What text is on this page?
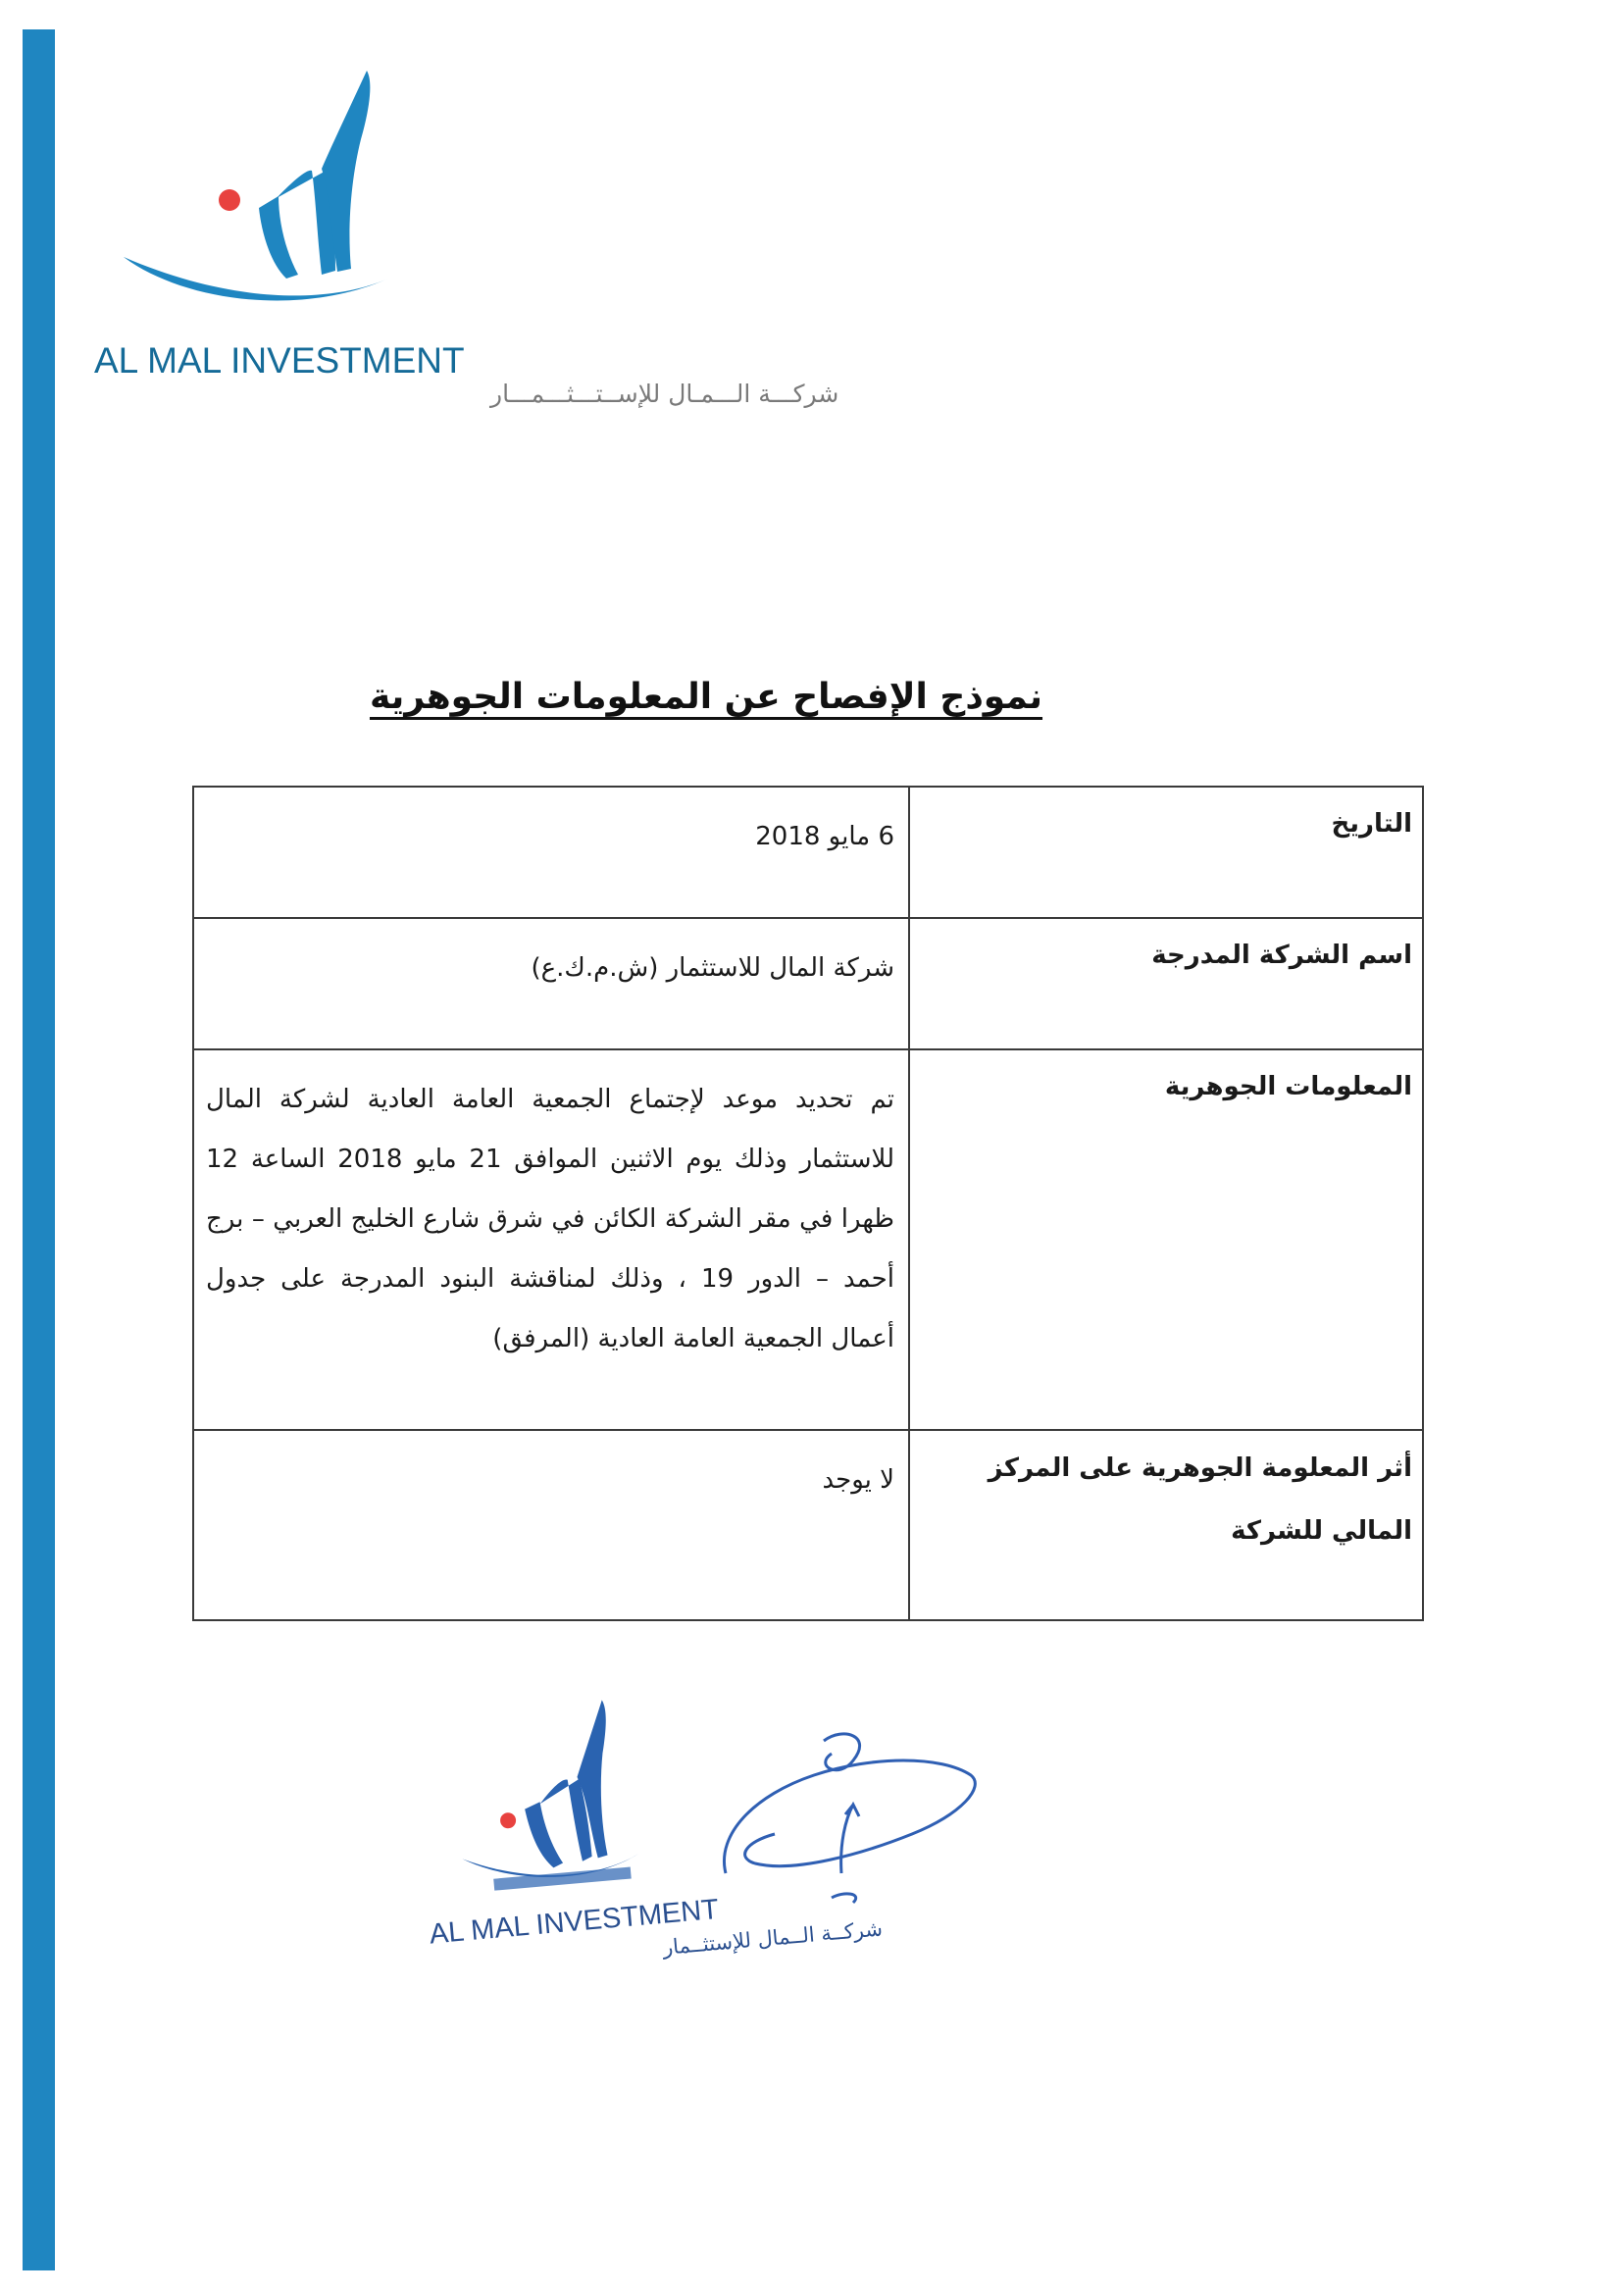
AL MAL INVESTMENT
شركـــة الـــمـال للإســتـــثـــمـــار
نموذج الإفصاح عن المعلومات الجوهرية
التاريخ	6 مايو 2018
اسم الشركة المدرجة	شركة المال للاستثمار (ش.م.ك.ع)
المعلومات الجوهرية	تم تحديد موعد لإجتماع الجمعية العامة العادية لشركة المال للاستثمار وذلك يوم الاثنين الموافق 21 مايو 2018 الساعة 12 ظهرا في مقر الشركة الكائن في شرق شارع الخليج العربي – برج أحمد – الدور 19 ، وذلك لمناقشة البنود المدرجة على جدول أعمال الجمعية العامة العادية (المرفق)

أثر المعلومة الجوهرية على المركز المالي للشركة	لا يوجد
AL MAL INVESTMENT
شركــة الــمال للإستثــمار
